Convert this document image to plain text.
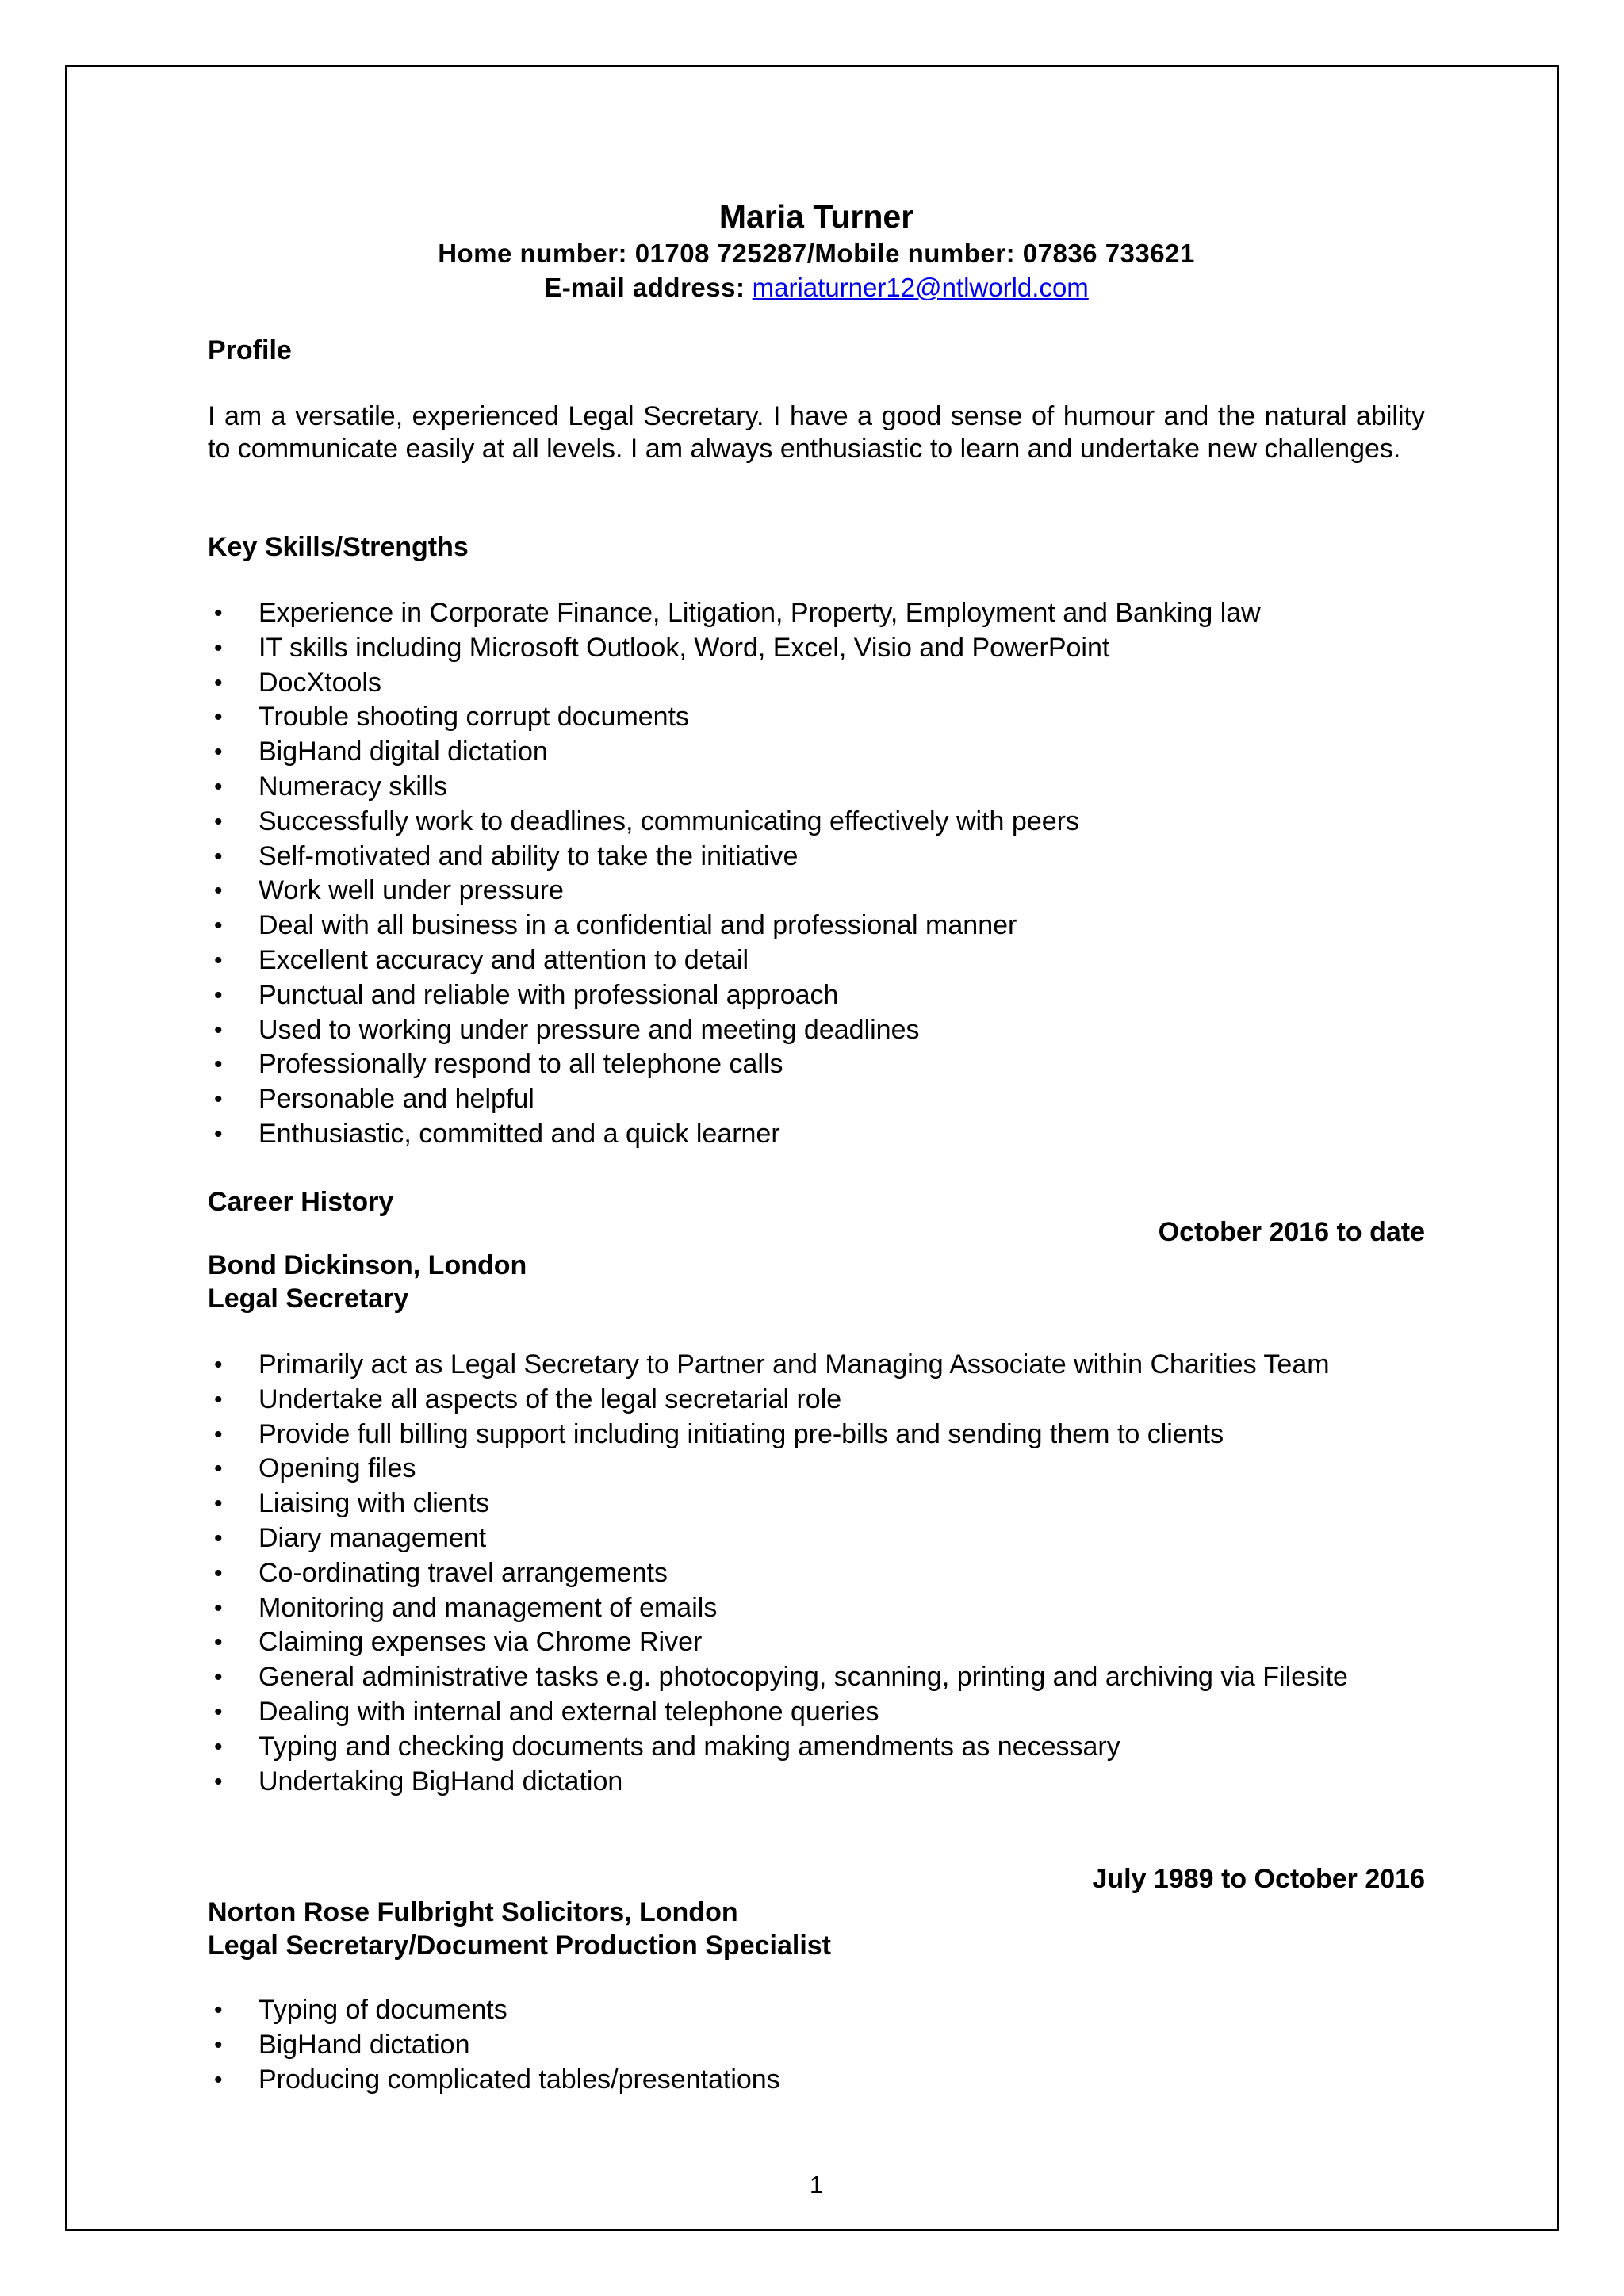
Maria Turner

Home number: 01708 725287/Mobile number: 07836 733621

E-mail address: mariaturner12@ntlworld.com

Profile

I am a versatile, experienced Legal Secretary. I have a good sense of humour and the natural ability to communicate easily at all levels. I am always enthusiastic to learn and undertake new challenges.

Key Skills/Strengths

• Experience in Corporate Finance, Litigation, Property, Employment and Banking law
• IT skills including Microsoft Outlook, Word, Excel, Visio and PowerPoint
• DocXtools
• Trouble shooting corrupt documents
• BigHand digital dictation
• Numeracy skills
• Successfully work to deadlines, communicating effectively with peers
• Self-motivated and ability to take the initiative
• Work well under pressure
• Deal with all business in a confidential and professional manner
• Excellent accuracy and attention to detail
• Punctual and reliable with professional approach
• Used to working under pressure and meeting deadlines
• Professionally respond to all telephone calls
• Personable and helpful
• Enthusiastic, committed and a quick learner

Career History

October 2016 to date

Bond Dickinson, London

Legal Secretary

• Primarily act as Legal Secretary to Partner and Managing Associate within Charities Team
• Undertake all aspects of the legal secretarial role
• Provide full billing support including initiating pre-bills and sending them to clients
• Opening files
• Liaising with clients
• Diary management
• Co-ordinating travel arrangements
• Monitoring and management of emails
• Claiming expenses via Chrome River
• General administrative tasks e.g. photocopying, scanning, printing and archiving via Filesite
• Dealing with internal and external telephone queries
• Typing and checking documents and making amendments as necessary
• Undertaking BigHand dictation

July 1989 to October 2016

Norton Rose Fulbright Solicitors, London

Legal Secretary/Document Production Specialist

• Typing of documents
• BigHand dictation
• Producing complicated tables/presentations

1
